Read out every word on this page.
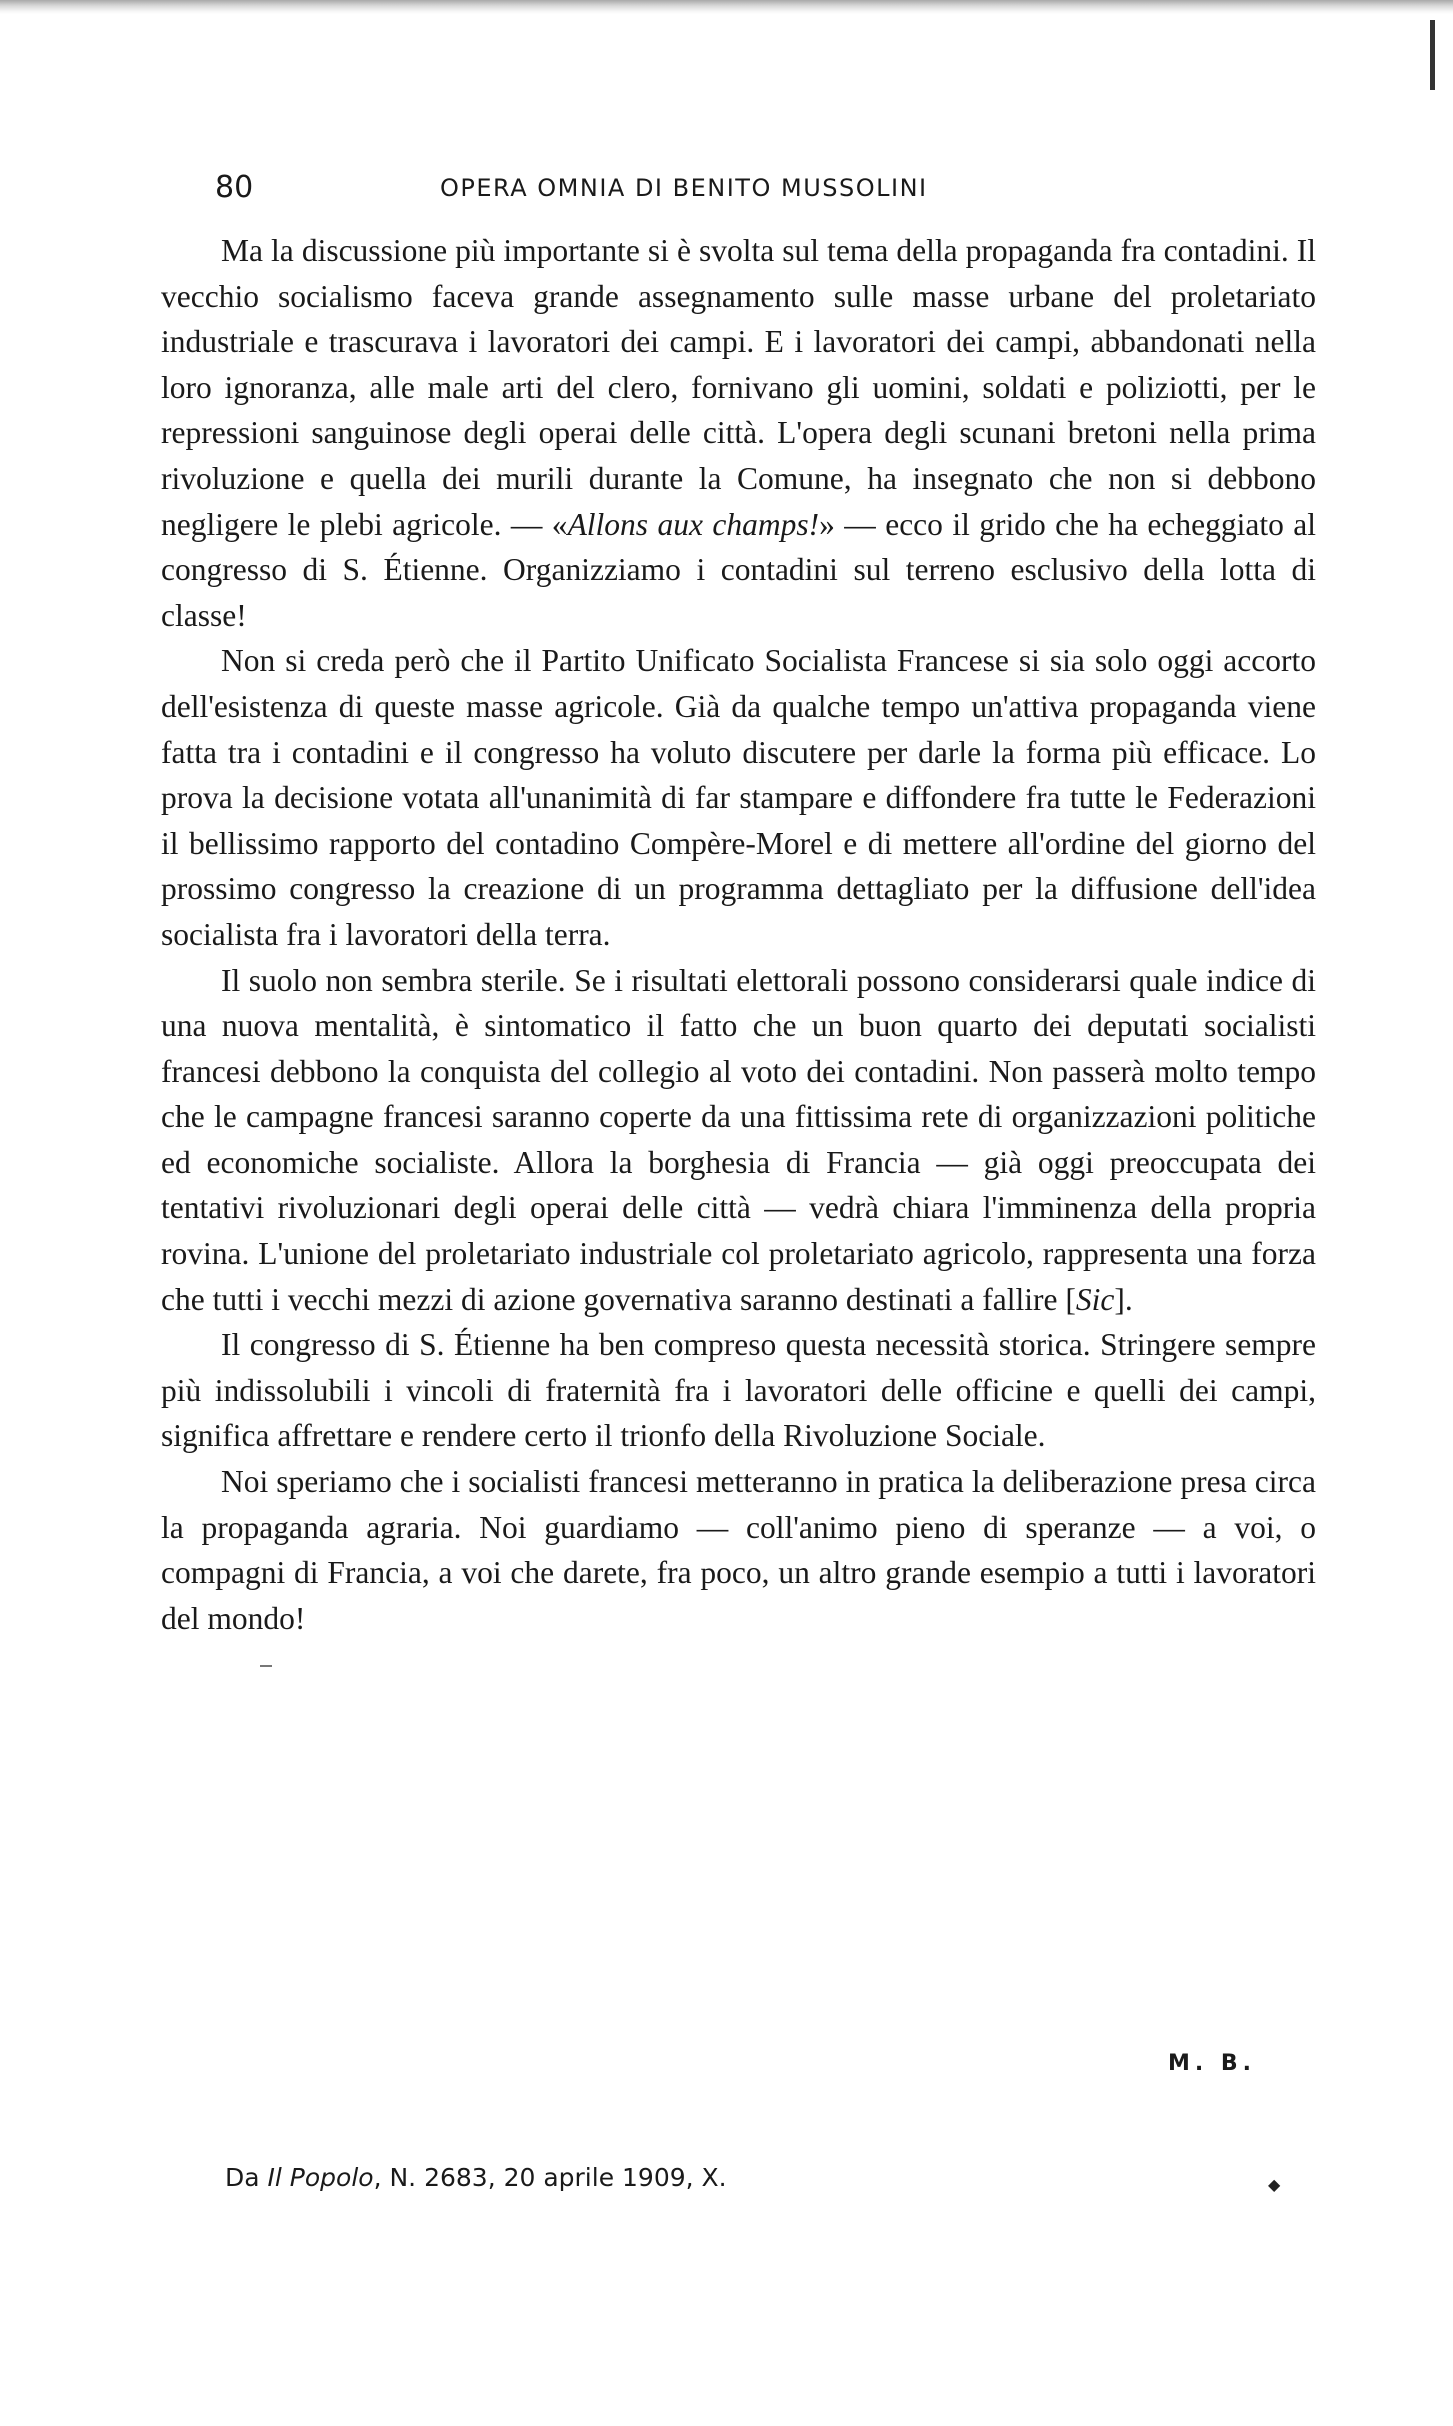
80	OPERA OMNIA DI BENITO MUSSOLINI

Ma la discussione più importante si è svolta sul tema della propaganda fra contadini. Il vecchio socialismo faceva grande assegnamento sulle masse urbane del proletariato industriale e trascurava i lavoratori dei campi. E i lavoratori dei campi, abbandonati nella loro ignoranza, alle male arti del clero, fornivano gli uomini, soldati e poliziotti, per le repressioni sanguinose degli operai delle città. L'opera degli scunani bretoni nella prima rivoluzione e quella dei murili durante la Comune, ha insegnato che non si debbono negligere le plebi agricole. — «Allons aux champs!» — ecco il grido che ha echeggiato al congresso di S. Étienne. Organizziamo i contadini sul terreno esclusivo della lotta di classe!

Non si creda però che il Partito Unificato Socialista Francese si sia solo oggi accorto dell'esistenza di queste masse agricole. Già da qualche tempo un'attiva propaganda viene fatta tra i contadini e il congresso ha voluto discutere per darle la forma più efficace. Lo prova la decisione votata all'unanimità di far stampare e diffondere fra tutte le Federazioni il bellissimo rapporto del contadino Compère-Morel e di mettere all'ordine del giorno del prossimo congresso la creazione di un programma dettagliato per la diffusione dell'idea socialista fra i lavoratori della terra.

Il suolo non sembra sterile. Se i risultati elettorali possono considerarsi quale indice di una nuova mentalità, è sintomatico il fatto che un buon quarto dei deputati socialisti francesi debbono la conquista del collegio al voto dei contadini. Non passerà molto tempo che le campagne francesi saranno coperte da una fittissima rete di organizzazioni politiche ed economiche socialiste. Allora la borghesia di Francia — già oggi preoccupata dei tentativi rivoluzionari degli operai delle città — vedrà chiara l'imminenza della propria rovina. L'unione del proletariato industriale col proletariato agricolo, rappresenta una forza che tutti i vecchi mezzi di azione governativa saranno destinati a fallire [Sic].

Il congresso di S. Étienne ha ben compreso questa necessità storica. Stringere sempre più indissolubili i vincoli di fraternità fra i lavoratori delle officine e quelli dei campi, significa affrettare e rendere certo il trionfo della Rivoluzione Sociale.

Noi speriamo che i socialisti francesi metteranno in pratica la deliberazione presa circa la propaganda agraria. Noi guardiamo — coll'animo pieno di speranze — a voi, o compagni di Francia, a voi che darete, fra poco, un altro grande esempio a tutti i lavoratori del mondo!

M. B.
Da Il Popolo, N. 2683, 20 aprile 1909, X.	◆
